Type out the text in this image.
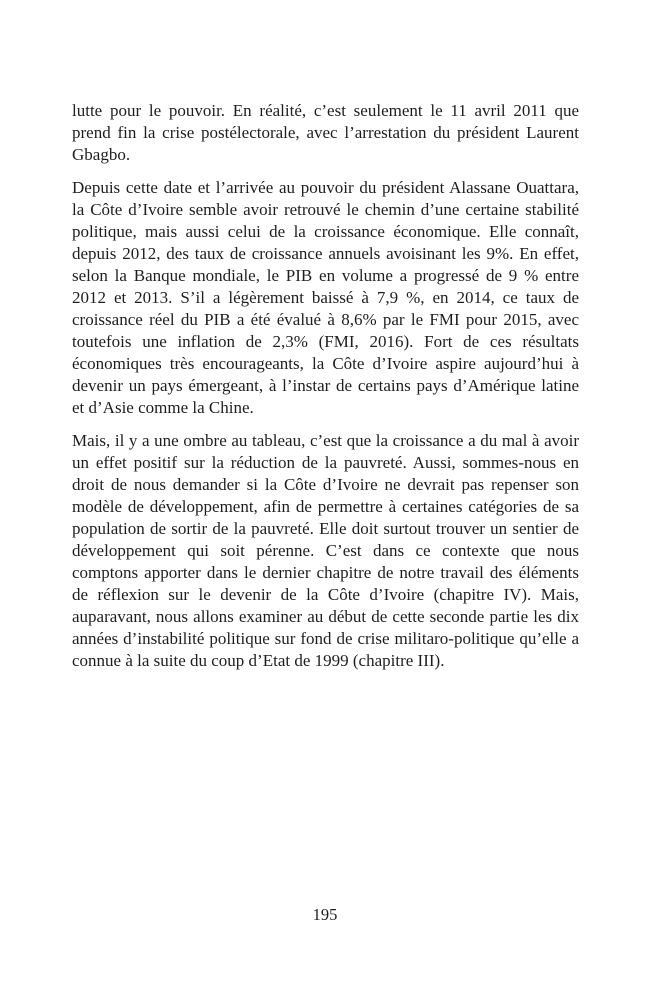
lutte pour le pouvoir. En réalité, c’est seulement le 11 avril 2011 que prend fin la crise postélectorale, avec l’arrestation du président Laurent Gbagbo.

Depuis cette date et l’arrivée au pouvoir du président Alassane Ouattara, la Côte d’Ivoire semble avoir retrouvé le chemin d’une certaine stabilité politique, mais aussi celui de la croissance économique. Elle connaît, depuis 2012, des taux de croissance annuels avoisinant les 9%. En effet, selon la Banque mondiale, le PIB en volume a progressé de 9 % entre 2012 et 2013. S’il a légèrement baissé à 7,9 %, en 2014, ce taux de croissance réel du PIB a été évalué à 8,6% par le FMI pour 2015, avec toutefois une inflation de 2,3% (FMI, 2016). Fort de ces résultats économiques très encourageants, la Côte d’Ivoire aspire aujourd’hui à devenir un pays émergeant, à l’instar de certains pays d’Amérique latine et d’Asie comme la Chine.

Mais, il y a une ombre au tableau, c’est que la croissance a du mal à avoir un effet positif sur la réduction de la pauvreté. Aussi, sommes-nous en droit de nous demander si la Côte d’Ivoire ne devrait pas repenser son modèle de développement, afin de permettre à certaines catégories de sa population de sortir de la pauvreté. Elle doit surtout trouver un sentier de développement qui soit pérenne. C’est dans ce contexte que nous comptons apporter dans le dernier chapitre de notre travail des éléments de réflexion sur le devenir de la Côte d’Ivoire (chapitre IV). Mais, auparavant, nous allons examiner au début de cette seconde partie les dix années d’instabilité politique sur fond de crise militaro-politique qu’elle a connue à la suite du coup d’Etat de 1999 (chapitre III).

195
